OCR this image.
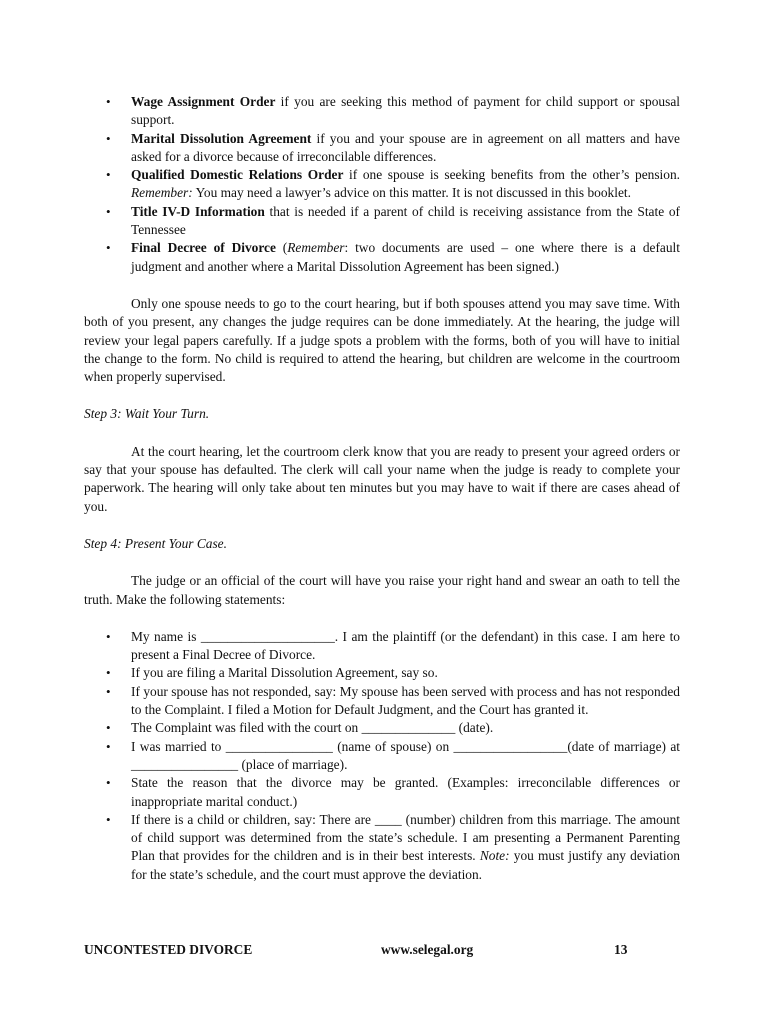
• Wage Assignment Order if you are seeking this method of payment for child support or spousal support.
• Marital Dissolution Agreement if you and your spouse are in agreement on all matters and have asked for a divorce because of irreconcilable differences.
• Qualified Domestic Relations Order if one spouse is seeking benefits from the other’s pension. Remember: You may need a lawyer’s advice on this matter. It is not discussed in this booklet.
• Title IV-D Information that is needed if a parent of child is receiving assistance from the State of Tennessee
• Final Decree of Divorce (Remember: two documents are used – one where there is a default judgment and another where a Marital Dissolution Agreement has been signed.)

Only one spouse needs to go to the court hearing, but if both spouses attend you may save time. With both of you present, any changes the judge requires can be done immediately. At the hearing, the judge will review your legal papers carefully. If a judge spots a problem with the forms, both of you will have to initial the change to the form. No child is required to attend the hearing, but children are welcome in the courtroom when properly supervised.

Step 3: Wait Your Turn.

At the court hearing, let the courtroom clerk know that you are ready to present your agreed orders or say that your spouse has defaulted. The clerk will call your name when the judge is ready to complete your paperwork. The hearing will only take about ten minutes but you may have to wait if there are cases ahead of you.

Step 4: Present Your Case.

The judge or an official of the court will have you raise your right hand and swear an oath to tell the truth. Make the following statements:

• My name is ____________________. I am the plaintiff (or the defendant) in this case. I am here to present a Final Decree of Divorce.
• If you are filing a Marital Dissolution Agreement, say so.
• If your spouse has not responded, say: My spouse has been served with process and has not responded to the Complaint. I filed a Motion for Default Judgment, and the Court has granted it.
• The Complaint was filed with the court on ______________ (date).
• I was married to ________________ (name of spouse) on _________________(date of marriage) at ________________ (place of marriage).
• State the reason that the divorce may be granted. (Examples: irreconcilable differences or inappropriate marital conduct.)
• If there is a child or children, say: There are ____ (number) children from this marriage. The amount of child support was determined from the state’s schedule. I am presenting a Permanent Parenting Plan that provides for the children and is in their best interests. Note: you must justify any deviation for the state’s schedule, and the court must approve the deviation.
UNCONTESTED DIVORCE	www.selegal.org	13
